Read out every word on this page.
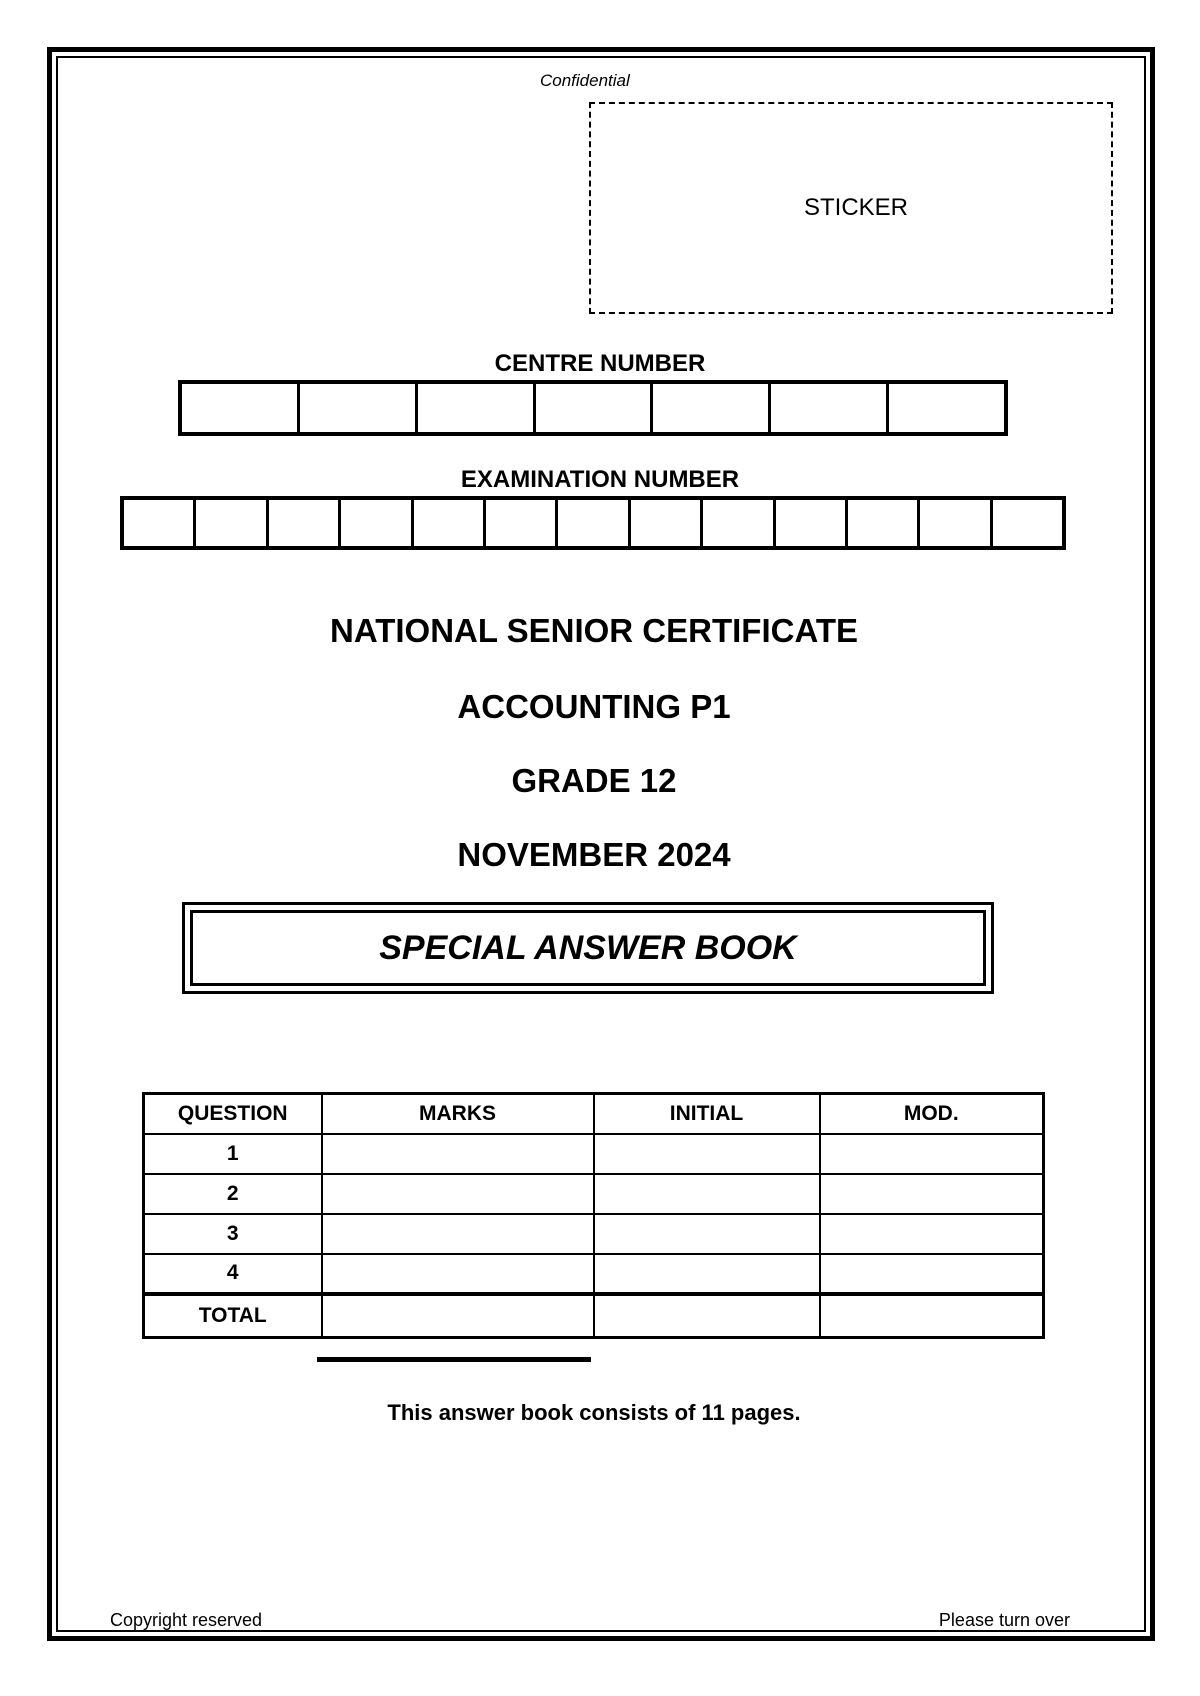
Confidential
STICKER
CENTRE NUMBER
EXAMINATION NUMBER
NATIONAL SENIOR CERTIFICATE
ACCOUNTING P1
GRADE 12
NOVEMBER 2024
SPECIAL ANSWER BOOK
QUESTION	MARKS	INITIAL	MOD.
1			
2			
3			
4			
TOTAL			
This answer book consists of 11 pages.
Copyright reserved	Please turn over
